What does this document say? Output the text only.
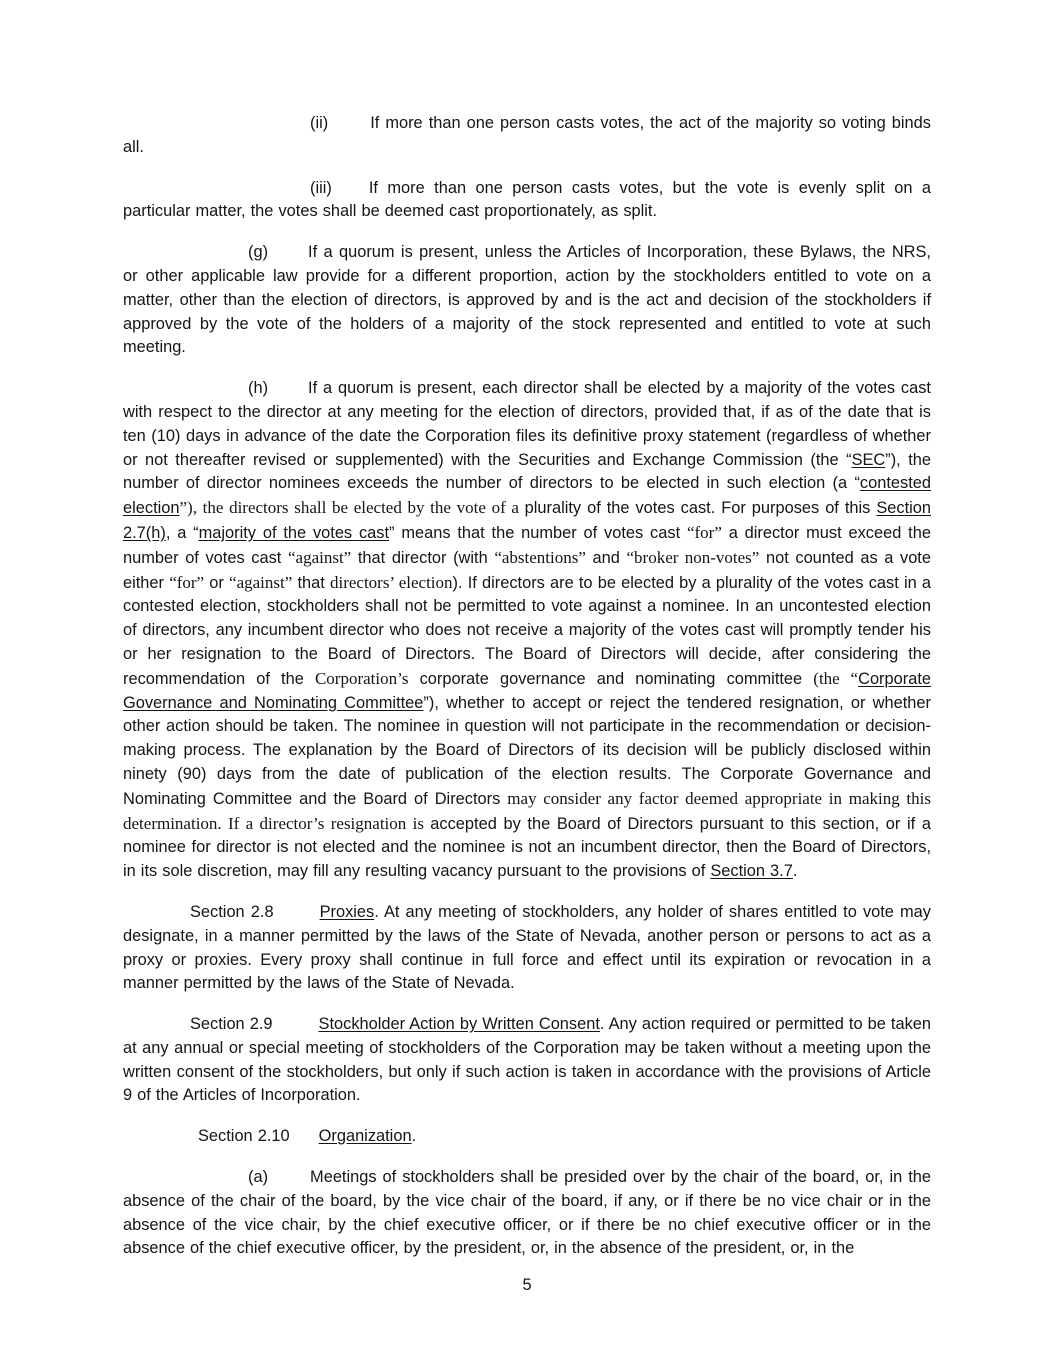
(ii)	If more than one person casts votes, the act of the majority so voting binds all.

(iii) If more than one person casts votes, but the vote is evenly split on a particular matter, the votes shall be deemed cast proportionately, as split.

(g) If a quorum is present, unless the Articles of Incorporation, these Bylaws, the NRS, or other applicable law provide for a different proportion, action by the stockholders entitled to vote on a matter, other than the election of directors, is approved by and is the act and decision of the stockholders if approved by the vote of the holders of a majority of the stock represented and entitled to vote at such meeting.

(h) If a quorum is present, each director shall be elected by a majority of the votes cast with respect to the director at any meeting for the election of directors, provided that, if as of the date that is ten (10) days in advance of the date the Corporation files its definitive proxy statement (regardless of whether or not thereafter revised or supplemented) with the Securities and Exchange Commission (the “SEC”), the number of director nominees exceeds the number of directors to be elected in such election (a “contested election”), the directors shall be elected by the vote of a plurality of the votes cast. For purposes of this Section 2.7(h), a “majority of the votes cast” means that the number of votes cast “for” a director must exceed the number of votes cast “against” that director (with “abstentions” and “broker non-votes” not counted as a vote either “for” or “against” that directors’ election). If directors are to be elected by a plurality of the votes cast in a contested election, stockholders shall not be permitted to vote against a nominee. In an uncontested election of directors, any incumbent director who does not receive a majority of the votes cast will promptly tender his or her resignation to the Board of Directors. The Board of Directors will decide, after considering the recommendation of the Corporation’s corporate governance and nominating committee (the “Corporate Governance and Nominating Committee”), whether to accept or reject the tendered resignation, or whether other action should be taken. The nominee in question will not participate in the recommendation or decision-making process. The explanation by the Board of Directors of its decision will be publicly disclosed within ninety (90) days from the date of publication of the election results. The Corporate Governance and Nominating Committee and the Board of Directors may consider any factor deemed appropriate in making this determination. If a director’s resignation is accepted by the Board of Directors pursuant to this section, or if a nominee for director is not elected and the nominee is not an incumbent director, then the Board of Directors, in its sole discretion, may fill any resulting vacancy pursuant to the provisions of Section 3.7.

Section 2.8	Proxies. At any meeting of stockholders, any holder of shares entitled to vote may designate, in a manner permitted by the laws of the State of Nevada, another person or persons to act as a proxy or proxies. Every proxy shall continue in full force and effect until its expiration or revocation in a manner permitted by the laws of the State of Nevada.

Section 2.9	Stockholder Action by Written Consent. Any action required or permitted to be taken at any annual or special meeting of stockholders of the Corporation may be taken without a meeting upon the written consent of the stockholders, but only if such action is taken in accordance with the provisions of Article 9 of the Articles of Incorporation.

Section 2.10 Organization.

(a)	Meetings of stockholders shall be presided over by the chair of the board, or, in the absence of the chair of the board, by the vice chair of the board, if any, or if there be no vice chair or in the absence of the vice chair, by the chief executive officer, or if there be no chief executive officer or in the absence of the chief executive officer, by the president, or, in the absence of the president, or, in the

5
